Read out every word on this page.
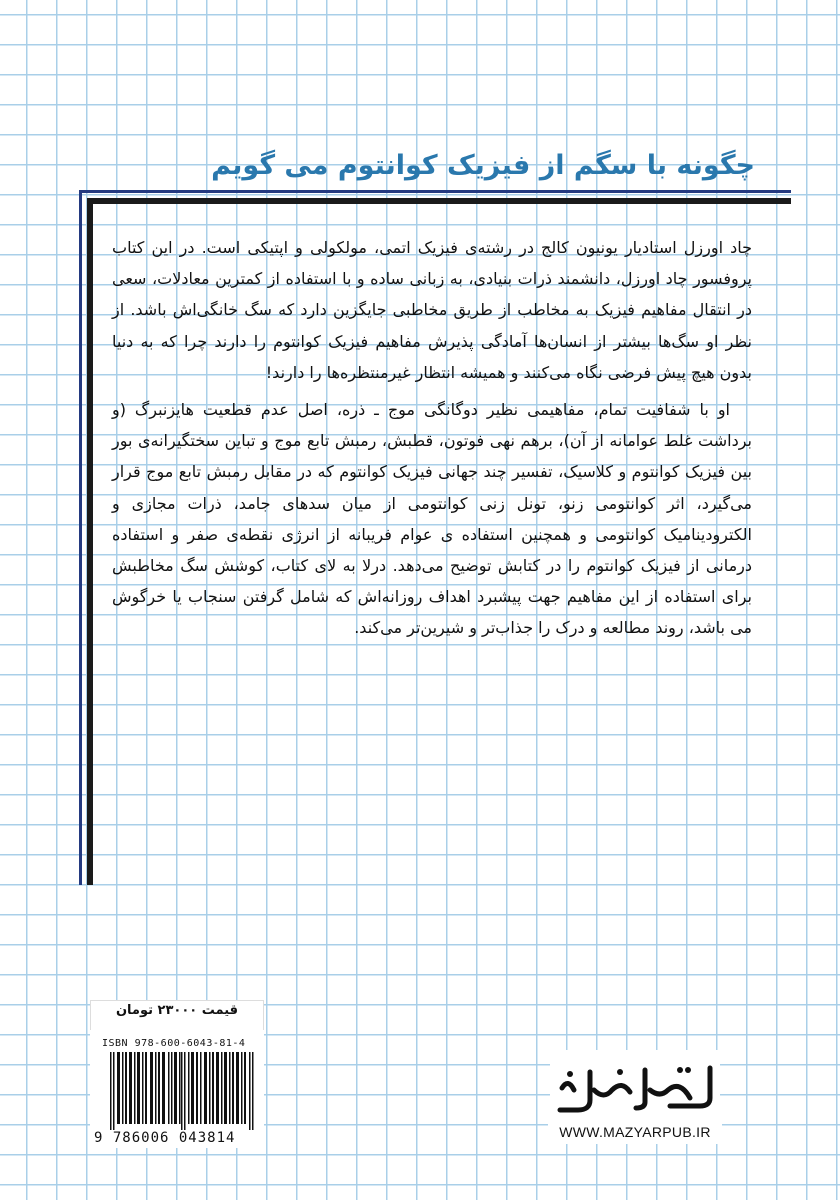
چگونه با سگم از فیزیک کوانتوم می گویم

چاد اورزل استادیار یونیون کالج در رشته‌ی فیزیک اتمی، مولکولی و اپتیکی است. در این کتاب پروفسور چاد اورزل، دانشمند ذرات بنیادی، به زبانی ساده و با استفاده از کمترین معادلات، سعی در انتقال مفاهیم فیزیک به مخاطب از طریق مخاطبی جایگزین دارد که سگ خانگی‌اش باشد. از نظر او سگ‌ها بیشتر از انسان‌ها آمادگی پذیرش مفاهیم فیزیک کوانتوم را دارند چرا که به دنیا بدون هیچ پیش فرضی نگاه می‌کنند و همیشه انتظار غیرمنتظره‌ها را دارند!

او با شفافیت تمام، مفاهیمی نظیر دوگانگی موج ـ ذره، اصل عدم قطعیت هایزنبرگ (و برداشت غلط عوامانه از آن)، برهم نهی فوتون، قطبش، رمبش تابع موج و تباین سختگیرانه‌ی بور بین فیزیک کوانتوم و کلاسیک، تفسیر چند جهانی فیزیک کوانتوم که در مقابل رمبش تابع موج قرار می‌گیرد، اثر کوانتومی زنو، تونل زنی کوانتومی از میان سدهای جامد، ذرات مجازی و الکترودینامیک کوانتومی و همچنین استفاده ی عوام فریبانه از انرژی نقطه‌ی صفر و استفاده درمانی از فیزیک کوانتوم را در کتابش توضیح می‌دهد. درلا به لای کتاب، کوشش سگ مخاطبش برای استفاده از این مفاهیم جهت پیشبرد اهداف روزانه‌اش که شامل گرفتن سنجاب یا خرگوش می باشد، روند مطالعه و درک را جذاب‌تر و شیرین‌تر می‌کند.

قیمت ۲۳۰۰۰ تومان
ISBN 978-600-6043-81-4
9 786006 043814	WWW.MAZYARPUB.IR
